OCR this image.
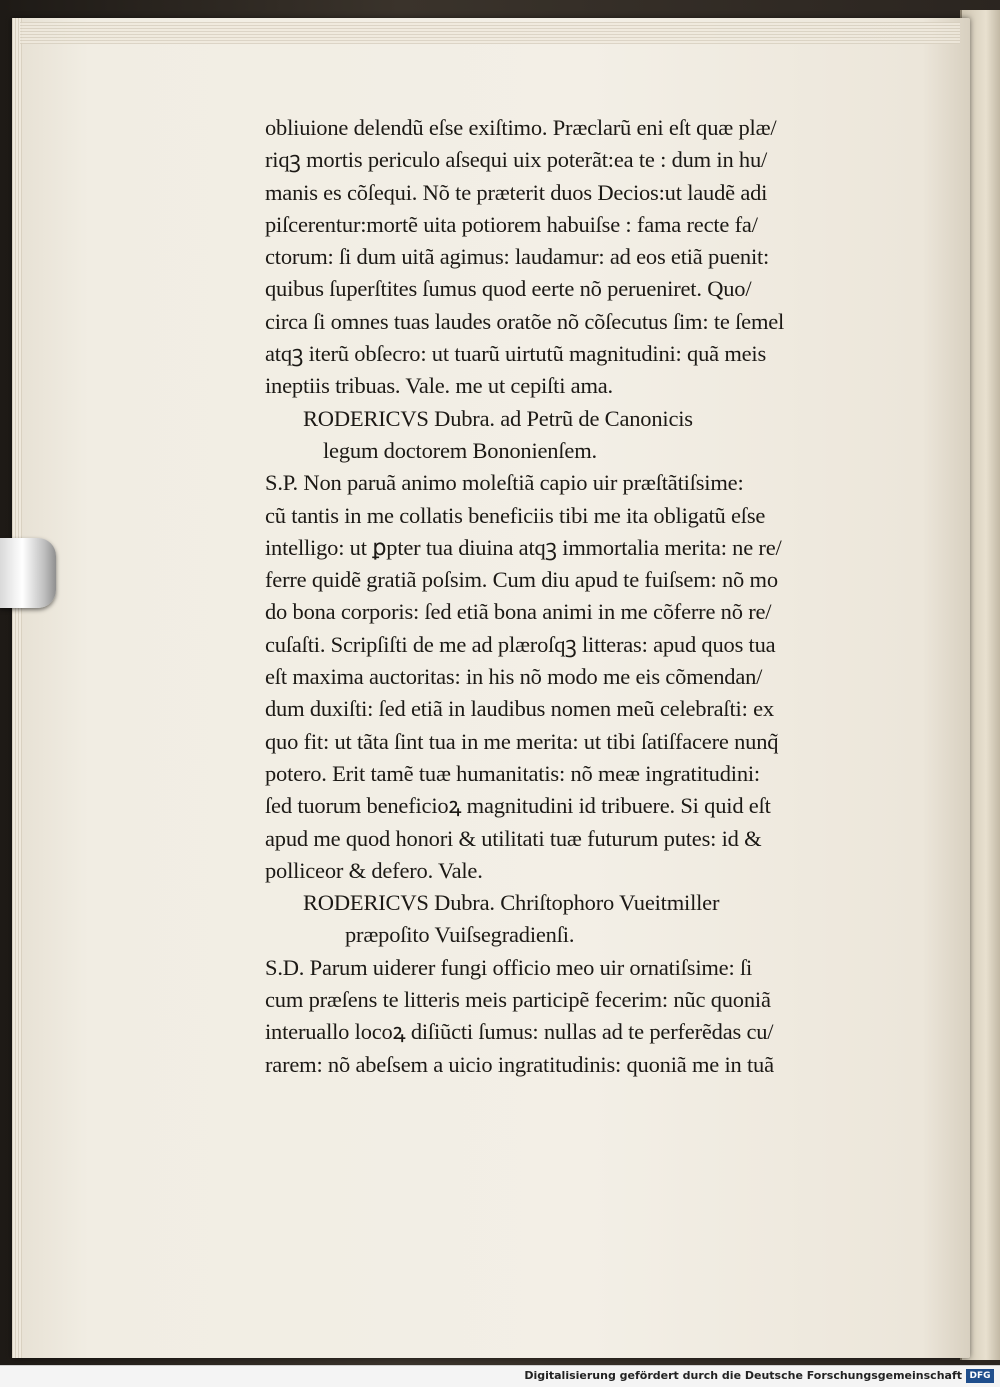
obliuione delendũ eſse exiſtimo. Præclarũ eni eſt quæ plæ/
riqꝫ mortis periculo aſsequi uix poterãt:ea te : dum in hu/
manis es cõſequi. Nõ te præterit duos Decios:ut laudẽ adi
piſcerentur:mortẽ uita potiorem habuiſse : fama recte fa/
ctorum: ſi dum uitã agimus: laudamur: ad eos etiã puenit:
quibus ſuperſtites ſumus quod eerte nõ perueniret. Quo/
circa ſi omnes tuas laudes oratõe nõ cõſecutus ſim: te ſemel
atqꝫ iterũ obſecro: ut tuarũ uirtutũ magnitudini: quã meis
ineptiis tribuas. Vale. me ut cepiſti ama.
RODERICVS Dubra. ad Petrũ de Canonicis
legum doctorem Bononienſem.
S.P. Non paruã animo moleſtiã capio uir præſtãtiſsime:
cũ tantis in me collatis beneficiis tibi me ita obligatũ eſse
intelligo: ut ꝑpter tua diuina atqꝫ immortalia merita: ne re/
ferre quidẽ gratiã poſsim. Cum diu apud te fuiſsem: nõ mo
do bona corporis: ſed etiã bona animi in me cõferre nõ re/
cuſaſti. Scripſiſti de me ad plæroſqꝫ litteras: apud quos tua
eſt maxima auctoritas: in his nõ modo me eis cõmendan/
dum duxiſti: ſed etiã in laudibus nomen meũ celebraſti: ex
quo fit: ut tãta ſint tua in me merita: ut tibi ſatiſfacere nunq̃
potero. Erit tamẽ tuæ humanitatis: nõ meæ ingratitudini:
ſed tuorum beneficioꝝ magnitudini id tribuere. Si quid eſt
apud me quod honori & utilitati tuæ futurum putes: id &
polliceor & defero. Vale.
RODERICVS Dubra. Chriſtophoro Vueitmiller
præpoſito Vuiſsegradienſi.
S.D. Parum uiderer fungi officio meo uir ornatiſsime: ſi
cum præſens te litteris meis participẽ fecerim: nũc quoniã
interuallo locoꝝ diſiũcti ſumus: nullas ad te perferẽdas cu/
rarem: nõ abeſsem a uicio ingratitudinis: quoniã me in tuã
Digitalisierung gefördert durch die Deutsche Forschungsgemeinschaft DFG
